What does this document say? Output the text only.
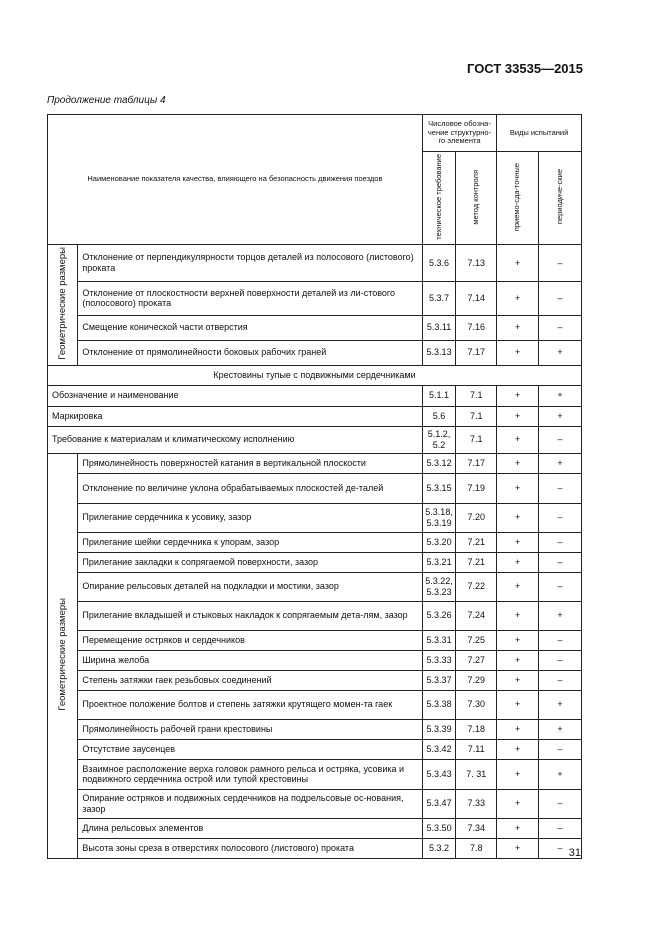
ГОСТ 33535—2015
Продолжение таблицы 4
Наименование показателя качества, влияющего на безопасность движения поездов		Числовое обозна-чение структурно-го элемента		Виды испытаний	
		техническое требование	метод контроля	приемо-сда-точные	периодиче-ские
Геометрические размеры	Отклонение от перпендикулярности торцов деталей из полосового (листового) проката	5.3.6	7.13	+	–
	Отклонение от плоскостности верхней поверхности деталей из ли-стового (полосового) проката	5.3.7	7.14	+	–
	Смещение конической части отверстия	5.3.11	7.16	+	–
	Отклонение от прямолинейности боковых рабочих граней	5.3.13	7.17	+	+
Крестовины тупые с подвижными сердечниками					
Обозначение и наименование		5.1.1	7.1	+	+
Маркировка		5.6	7.1	+	+
Требование к материалам и климатическому исполнению		5.1.2, 5.2	7.1	+	–
Геометрические размеры	Прямолинейность поверхностей катания в вертикальной плоскости	5.3.12	7.17	+	+
	Отклонение по величине уклона обрабатываемых плоскостей де-талей	5.3.15	7.19	+	–
	Прилегание сердечника к усовику, зазор	5.3.18, 5.3.19	7.20	+	–
	Прилегание шейки сердечника к упорам, зазор	5.3.20	7.21	+	–
	Прилегание закладки к сопрягаемой поверхности, зазор	5.3.21	7.21	+	–
	Опирание рельсовых деталей на подкладки и мостики, зазор	5.3.22, 5.3.23	7.22	+	–
	Прилегание вкладышей и стыковых накладок к сопрягаемым дета-лям, зазор	5.3.26	7.24	+	+
	Перемещение остряков и сердечников	5.3.31	7.25	+	–
	Ширина желоба	5.3.33	7.27	+	–
	Степень затяжки гаек резьбовых соединений	5.3.37	7.29	+	–
	Проектное положение болтов и степень затяжки крутящего момен-та гаек	5.3.38	7.30	+	+
	Прямолинейность рабочей грани крестовины	5.3.39	7.18	+	+
	Отсутствие заусенцев	5.3.42	7.11	+	–
	Взаимное расположение верха головок рамного рельса и остряка, усовика и подвижного сердечника острой или тупой крестовины	5.3.43	7. 31	+	+
	Опирание остряков и подвижных сердечников на подрельсовые ос-нования, зазор	5.3.47	7.33	+	–
	Длина рельсовых элементов	5.3.50	7.34	+	–
	Высота зоны среза в отверстиях полосового (листового) проката	5.3.2	7.8	+	– 31
